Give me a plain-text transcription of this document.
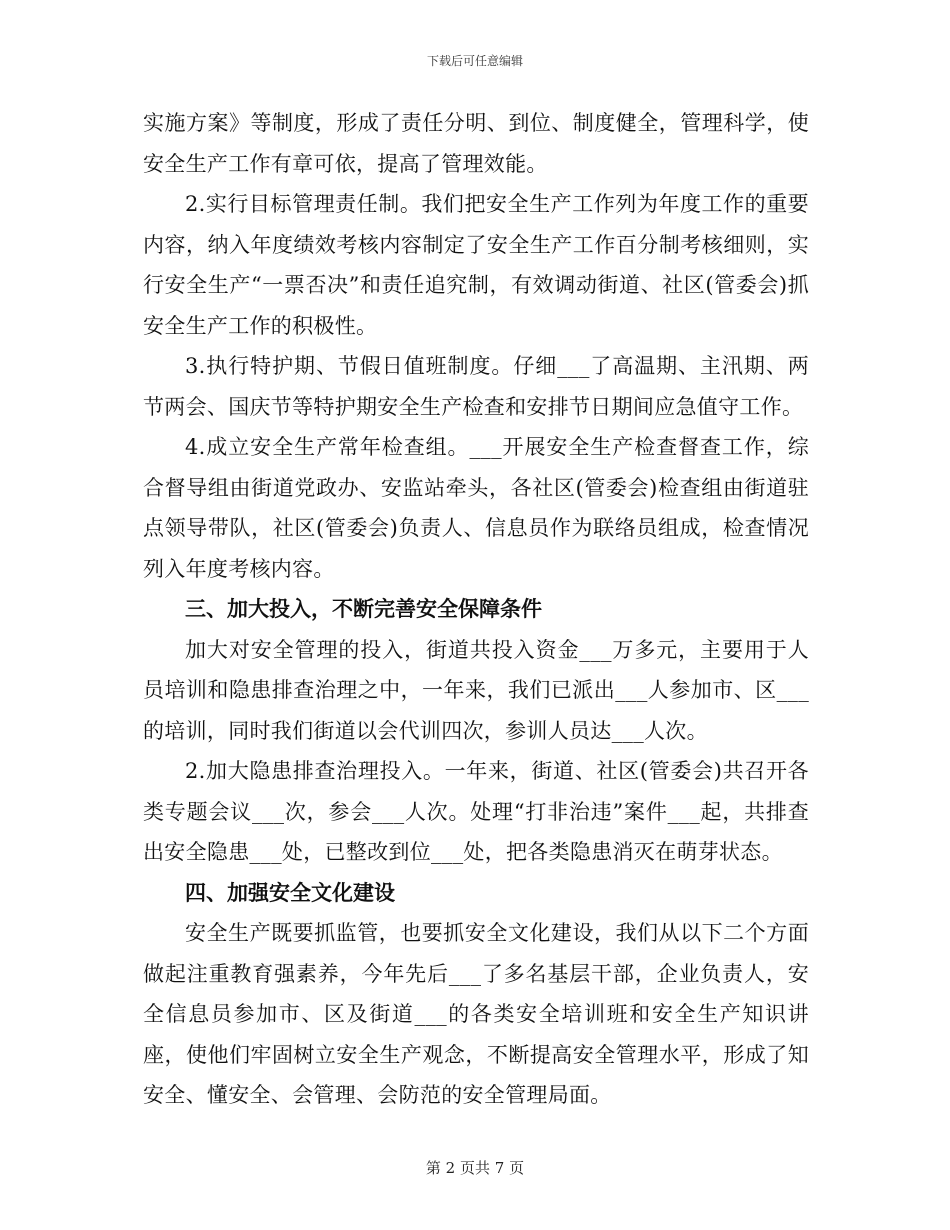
下载后可任意编辑

实施方案》等制度，形成了责任分明、到位、制度健全，管理科学，使安全生产工作有章可依，提高了管理效能。

2.实行目标管理责任制。我们把安全生产工作列为年度工作的重要内容，纳入年度绩效考核内容制定了安全生产工作百分制考核细则，实行安全生产“一票否决”和责任追究制，有效调动街道、社区(管委会)抓安全生产工作的积极性。

3.执行特护期、节假日值班制度。仔细___了高温期、主汛期、两节两会、国庆节等特护期安全生产检查和安排节日期间应急值守工作。

4.成立安全生产常年检查组。___开展安全生产检查督查工作，综合督导组由街道党政办、安监站牵头，各社区(管委会)检查组由街道驻点领导带队，社区(管委会)负责人、信息员作为联络员组成，检查情况列入年度考核内容。

三、加大投入，不断完善安全保障条件

加大对安全管理的投入，街道共投入资金___万多元，主要用于人员培训和隐患排查治理之中，一年来，我们已派出___人参加市、区___的培训，同时我们街道以会代训四次，参训人员达___人次。

2.加大隐患排查治理投入。一年来，街道、社区(管委会)共召开各类专题会议___次，参会___人次。处理“打非治违”案件___起，共排查出安全隐患___处，已整改到位___处，把各类隐患消灭在萌芽状态。

四、加强安全文化建设

安全生产既要抓监管，也要抓安全文化建设，我们从以下二个方面做起注重教育强素养，今年先后___了多名基层干部，企业负责人，安全信息员参加市、区及街道___的各类安全培训班和安全生产知识讲座，使他们牢固树立安全生产观念，不断提高安全管理水平，形成了知安全、懂安全、会管理、会防范的安全管理局面。

第 2 页共 7 页
